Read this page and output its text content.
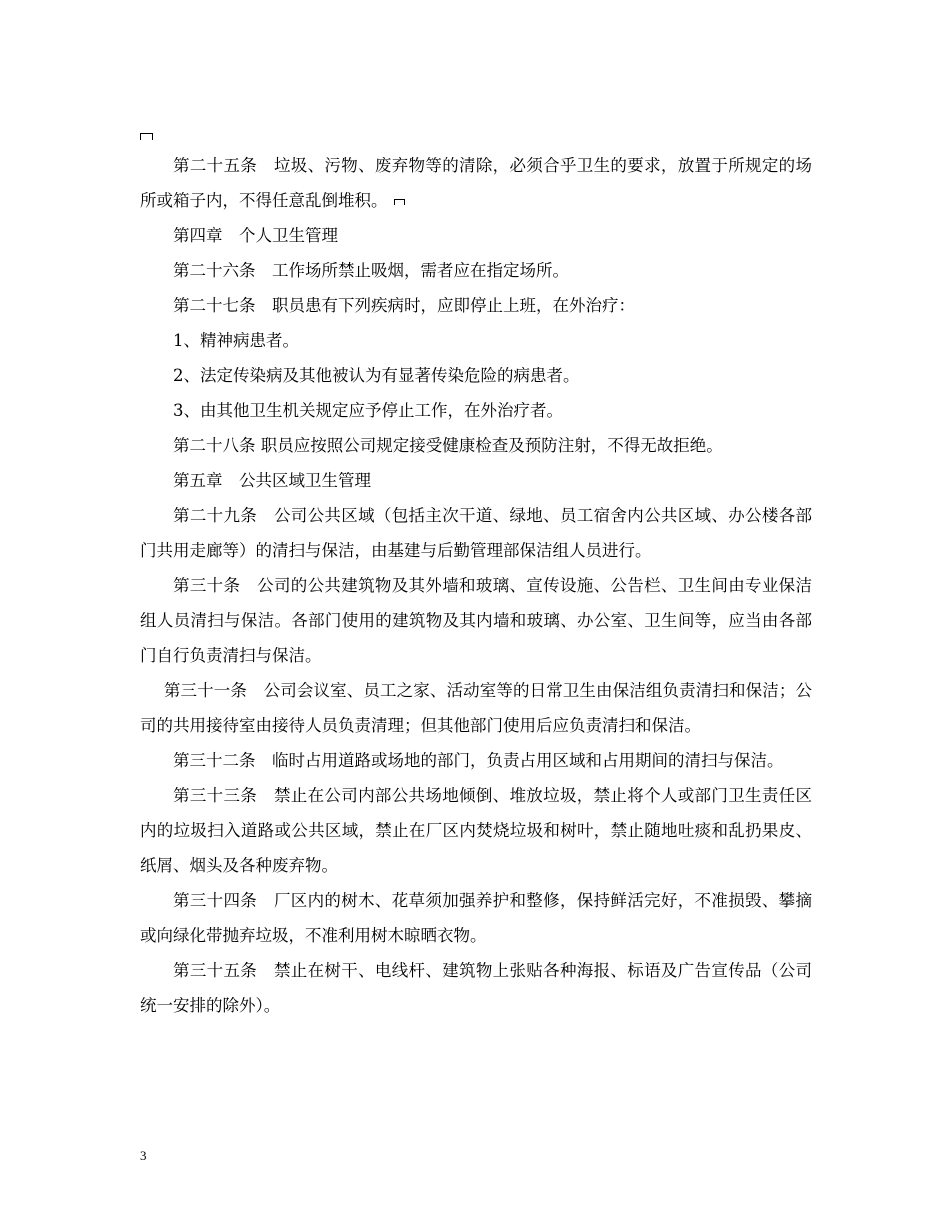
第二十五条　垃圾、污物、废弃物等的清除，必须合乎卫生的要求，放置于所规定的场所或箱子内，不得任意乱倒堆积。

第四章　个人卫生管理

第二十六条　工作场所禁止吸烟，需者应在指定场所。

第二十七条　职员患有下列疾病时，应即停止上班，在外治疗：

1、精神病患者。

2、法定传染病及其他被认为有显著传染危险的病患者。

3、由其他卫生机关规定应予停止工作，在外治疗者。

第二十八条 职员应按照公司规定接受健康检查及预防注射，不得无故拒绝。

第五章　公共区域卫生管理

第二十九条　公司公共区域（包括主次干道、绿地、员工宿舍内公共区域、办公楼各部门共用走廊等）的清扫与保洁，由基建与后勤管理部保洁组人员进行。

第三十条　公司的公共建筑物及其外墙和玻璃、宣传设施、公告栏、卫生间由专业保洁组人员清扫与保洁。各部门使用的建筑物及其内墙和玻璃、办公室、卫生间等，应当由各部门自行负责清扫与保洁。

第三十一条　公司会议室、员工之家、活动室等的日常卫生由保洁组负责清扫和保洁；公司的共用接待室由接待人员负责清理；但其他部门使用后应负责清扫和保洁。

第三十二条　临时占用道路或场地的部门，负责占用区域和占用期间的清扫与保洁。

第三十三条　禁止在公司内部公共场地倾倒、堆放垃圾，禁止将个人或部门卫生责任区内的垃圾扫入道路或公共区域，禁止在厂区内焚烧垃圾和树叶，禁止随地吐痰和乱扔果皮、纸屑、烟头及各种废弃物。

第三十四条　厂区内的树木、花草须加强养护和整修，保持鲜活完好，不准损毁、攀摘或向绿化带抛弃垃圾，不准利用树木晾晒衣物。

第三十五条　禁止在树干、电线杆、建筑物上张贴各种海报、标语及广告宣传品（公司统一安排的除外）。

3
